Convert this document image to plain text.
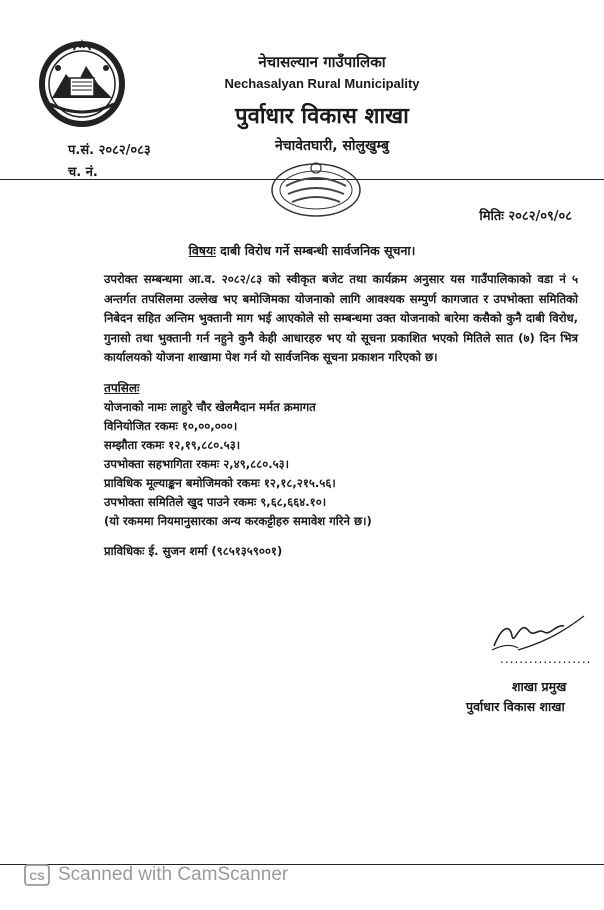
नेचासल्यान गाउँपालिका
Nechasalyan Rural Municipality
पुर्वाधार विकास शाखा
नेचावेतघारी, सोलुखुम्बु
प.सं. २०८२/०८३
च. नं.
मितिः २०८२/०९/०८
विषयः दाबी विरोध गर्ने सम्बन्धी सार्वजनिक सूचना।
उपरोक्त सम्बन्धमा आ.व. २०८२/८३ को स्वीकृत बजेट तथा कार्यक्रम अनुसार यस गाउँपालिकाको वडा नं ५ अन्तर्गत तपसिलमा उल्लेख भए बमोजिमका योजनाको लागि आवश्यक सम्पुर्ण कागजात र उपभोक्ता समितिको निबेदन सहित अन्तिम भुक्तानी माग भई आएकोले सो सम्बन्धमा उक्त योजनाको बारेमा कसैको कुनै दाबी विरोध, गुनासो तथा भुक्तानी गर्न नहुने कुनै केही आधारहरु भए यो सूचना प्रकाशित भएको मितिले सात (७) दिन भित्र कार्यालयको योजना शाखामा पेश गर्न यो सार्वजनिक सूचना प्रकाशन गरिएको छ।
तपसिलः
योजनाको नामः लाहुरे चौर खेलमैदान मर्मत क्रमागत
विनियोजित रकमः १०,००,०००।
सम्झौता रकमः १२,१९,८८०.५३।
उपभोक्ता सहभागिता रकमः २,४९,८८०.५३।
प्राविधिक मूल्याङ्कन बमोजिमको रकमः १२,१८,२१५.५६।
उपभोक्ता समितिले खुद पाउने रकमः ९,६८,६६४.१०।
(यो रकममा नियमानुसारका अन्य करकट्टीहरु समावेश गरिने छ।)
प्राविधिकः ई. सुजन शर्मा (९८५१३५९००१)
...................
शाखा प्रमुख
पुर्वाधार विकास शाखा
CS Scanned with CamScanner
